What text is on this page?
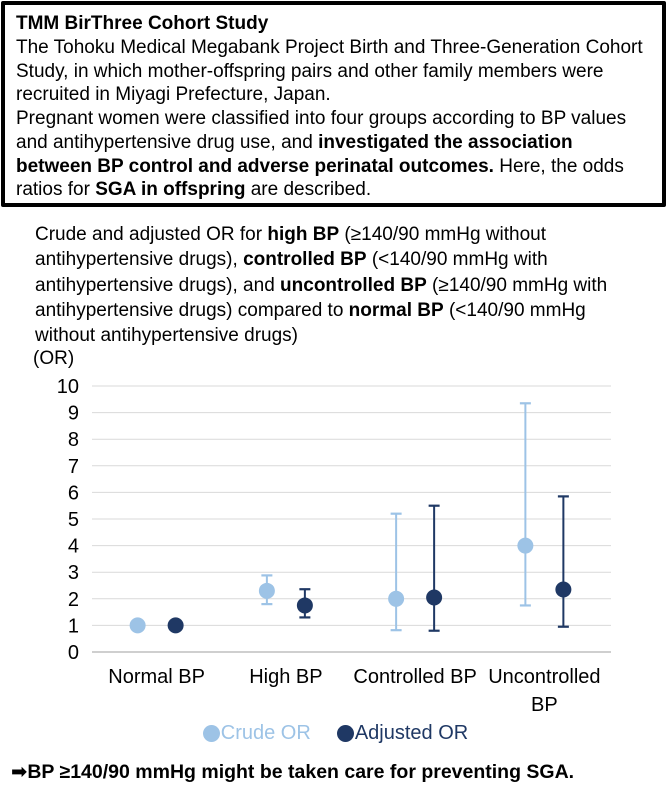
TMM BirThree Cohort Study
The Tohoku Medical Megabank Project Birth and Three-Generation Cohort Study, in which mother-offspring pairs and other family members were recruited in Miyagi Prefecture, Japan.
Pregnant women were classified into four groups according to BP values and antihypertensive drug use, and investigated the association between BP control and adverse perinatal outcomes. Here, the odds ratios for SGA in offspring are described.
Crude and adjusted OR for high BP (≥140/90 mmHg without antihypertensive drugs), controlled BP (<140/90 mmHg with antihypertensive drugs), and uncontrolled BP (≥140/90 mmHg with antihypertensive drugs) compared to normal BP (<140/90 mmHg without antihypertensive drugs)
(OR)
0
1
2
3
4
5
6
7
8
9
10
Normal BP High BP Controlled BP Uncontrolled
BP
Crude OR Adjusted OR
➡BP ≥140/90 mmHg might be taken care for preventing SGA.
